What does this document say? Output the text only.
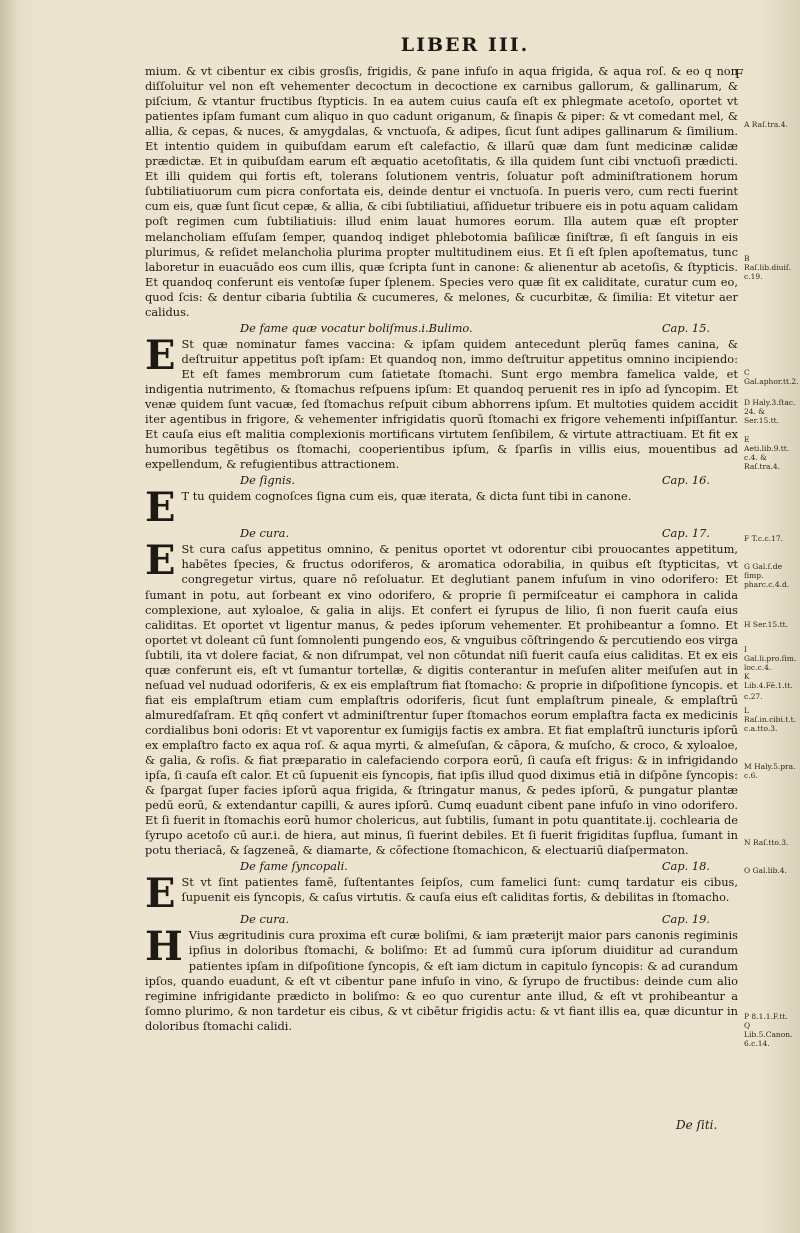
LIBER III.
F

mium. & vt cibentur ex cibis grosſis, frigidis, & pane infuſo in aqua frigida, & aqua roſ. & eo q non diſſoluitur vel non eſt vehementer decoctum in decoctione ex carnibus gallorum, & gallinarum, & piſcium, & vtantur fructibus ſtypticis. In ea autem cuius cauſa eſt ex phlegmate acetoſo, oportet vt patientes ipſam fumant cum aliquo in quo cadunt origanum, & ſinapis & piper: & vt comedant mel, & allia, & cepas, & nuces, & amygdalas, & vnctuoſa, & adipes, ſicut ſunt adipes gallinarum & ſimilium. Et intentio quidem in quibuſdam earum eſt calefactio, & illarū quæ dam ſunt medicinæ calidæ prædictæ. Et in quibuſdam earum eſt æquatio acetoſitatis, & illa quidem ſunt cibi vnctuoſi prædicti. Et illi quidem qui fortis eſt, tolerans ſolutionem ventris, ſoluatur poſt adminiſtrationem horum ſubtiliatiuorum cum picra confortata eis, deinde dentur ei vnctuoſa. In pueris vero, cum recti fuerint cum eis, quæ ſunt ſicut cepæ, & allia, & cibi ſubtiliatiui, aſſiduetur tribuere eis in potu aquam calidam poſt regimen cum ſubtiliatiuis: illud enim lauat humores eorum. Illa autem quæ eſt propter melancholiam eſſuſam ſemper, quandoq indiget phlebotomia baſilicæ ſiniſtræ, ſi eſt ſanguis in eis plurimus, & reſidet melancholia plurima propter multitudinem eius. Et ſi eſt ſplen apoſtematus, tunc laboretur in euacuādo eos cum illis, quæ ſcripta ſunt in canone: & alienentur ab acetoſis, & ſtypticis. Et quandoq conferunt eis ventoſæ ſuper ſplenem. Species vero quæ ſit ex caliditate, curatur cum eo, quod ſcis: & dentur cibaria ſubtilia & cucumeres, & melones, & cucurbitæ, & ſimilia: Et vitetur aer calidus.

De fame quæ vocatur boliſmus.i.Bulimo.	Cap. 15.

E St quæ nominatur fames vaccina: & ipſam quidem antecedunt plerūq fames canina, & deſtruitur appetitus poſt ipſam: Et quandoq non, immo deſtruitur appetitus omnino incipiendo: Et eſt fames membrorum cum ſatietate ſtomachi. Sunt ergo membra famelica valde, et indigentia nutrimento, & ſtomachus reſpuens ipſum: Et quandoq peruenit res in ipſo ad ſyncopim. Et venæ quidem ſunt vacuæ, ſed ſtomachus reſpuit cibum abhorrens ipſum. Et multoties quidem accidit iter agentibus in frigore, & vehementer infrigidatis quorū ſtomachi ex frigore vehementi inſpiſſantur. Et cauſa eius eſt malitia complexionis mortificans virtutem ſenſibilem, & virtute attractiuam. Et fit ex humoribus tegētibus os ſtomachi, cooperientibus ipſum, & ſparſis in villis eius, mouentibus ad expellendum, & refugientibus attractionem.

De ſignis.	Cap. 16.

E T tu quidem cognoſces ſigna cum eis, quæ iterata, & dicta ſunt tibi in canone.

De cura.	Cap. 17.

E St cura caſus appetitus omnino, & penitus oportet vt odorentur cibi prouocantes appetitum, habētes ſpecies, & fructus odoriferos, & aromatica odorabilia, in quibus eſt ſtypticitas, vt congregetur virtus, quare nō reſoluatur. Et deglutiant panem infuſum in vino odorifero: Et ſumant in potu, aut ſorbeant ex vino odorifero, & proprie ſi permiſceatur ei camphora in calida complexione, aut xyloaloe, & galia in alijs. Et confert ei ſyrupus de lilio, ſi non fuerit cauſa eius caliditas. Et oportet vt ligentur manus, & pedes ipſorum vehementer. Et prohibeantur a ſomno. Et oportet vt doleant cū ſunt ſomnolenti pungendo eos, & vnguibus cōſtringendo & percutiendo eos virga ſubtili, ita vt dolere faciat, & non diſrumpat, vel non cōtundat niſi fuerit cauſa eius caliditas. Et ex eis quæ conferunt eis, eſt vt ſumantur tortellæ, & digitis conterantur in meſuſen aliter meiſuſen aut in neſuad vel nuduad odoriferis, & ex eis emplaſtrum fiat ſtomacho: & proprie in diſpoſitione ſyncopis. et fiat eis emplaſtrum etiam cum emplaſtris odoriferis, ſicut ſunt emplaſtrum pineale, & emplaſtrū almuredſaſram. Et qñq confert vt adminiſtrentur ſuper ſtomachos eorum emplaſtra facta ex medicinis cordialibus boni odoris: Et vt vaporentur ex ſumigijs factis ex ambra. Et fiat emplaſtrū iuncturis ipſorū ex emplaſtro facto ex aqua roſ. & aqua myrti, & almeſuſan, & cāpora, & muſcho, & croco, & xyloaloe, & galia, & roſis. & fiat præparatio in calefaciendo corpora eorū, ſi cauſa eſt frigus: & in infrigidando ipſa, ſi cauſa eſt calor. Et cū ſupuenit eis ſyncopis, fiat ipſis illud quod diximus etiā in diſpōne ſyncopis: & ſpargat ſuper facies ipſorū aqua frigida, & ſtringatur manus, & pedes ipſorū, & pungatur plantæ pedū eorū, & extendantur capilli, & aures ipſorū. Cumq euadunt cibent pane infuſo in vino odorifero. Et ſi fuerit in ſtomachis eorū humor cholericus, aut ſubtilis, ſumant in potu quantitate.ij. cochlearia de ſyrupo acetoſo cū aur.i. de hiera, aut minus, ſi fuerint debiles. Et ſi fuerit frigiditas ſupflua, ſumant in potu theriacā, & ſagzeneā, & diamarte, & cōfectione ſtomachicon, & electuariū diaſpermaton.

De fame ſyncopali.	Cap. 18.

E St vt ſint patientes famē, ſuſtentantes ſeipſos, cum famelici ſunt: cumq tardatur eis cibus, ſupuenit eis ſyncopis, & caſus virtutis. & cauſa eius eſt caliditas fortis, & debilitas in ſtomacho.

De cura.	Cap. 19.

H Vius ægritudinis cura proxima eſt curæ boliſmi, & iam præterijt maior pars canonis regiminis ipſius in doloribus ſtomachi, & boliſmo: Et ad ſummū cura ipſorum diuiditur ad curandum patientes ipſam in diſpoſitione ſyncopis, & eſt iam dictum in capitulo ſyncopis: & ad curandum ipſos, quando euadunt, & eſt vt cibentur pane infuſo in vino, & ſyrupo de fructibus: deinde cum alio regimine infrigidante prædicto in boliſmo: & eo quo curentur ante illud, & eſt vt prohibeantur a ſomno plurimo, & non tardetur eis cibus, & vt cibētur frigidis actu: & vt fiant illis ea, quæ dicuntur in doloribus ſtomachi calidi.

A Raſ.tra.4.
B Raſ.lib.diuiſ. c.19.
C Gal.aphor.tt.2.
D Haly.3.ſtac. 24. & Ser.15.tt.
E Aeti.lib.9.tt. c.4. & Raſ.tra.4.
F T.c.c.17.
G Gal.ſ.de ſimp. pharc.c.4.d.
H Ser.15.tt.
I Gal.li.pro.ſim. loc.c.4.
K Lib.4.Fē.1.tt.
c.27.
L Raſ.in.cibi.t.t. c.a.tto.3.
M Haly.5.pra. c.6.
N Raſ.tto.3.
O Gal.lib.4.
P 8.1.1.F.tt. Q Lib.5.Canon. 6.c.14.
De ſiti.
